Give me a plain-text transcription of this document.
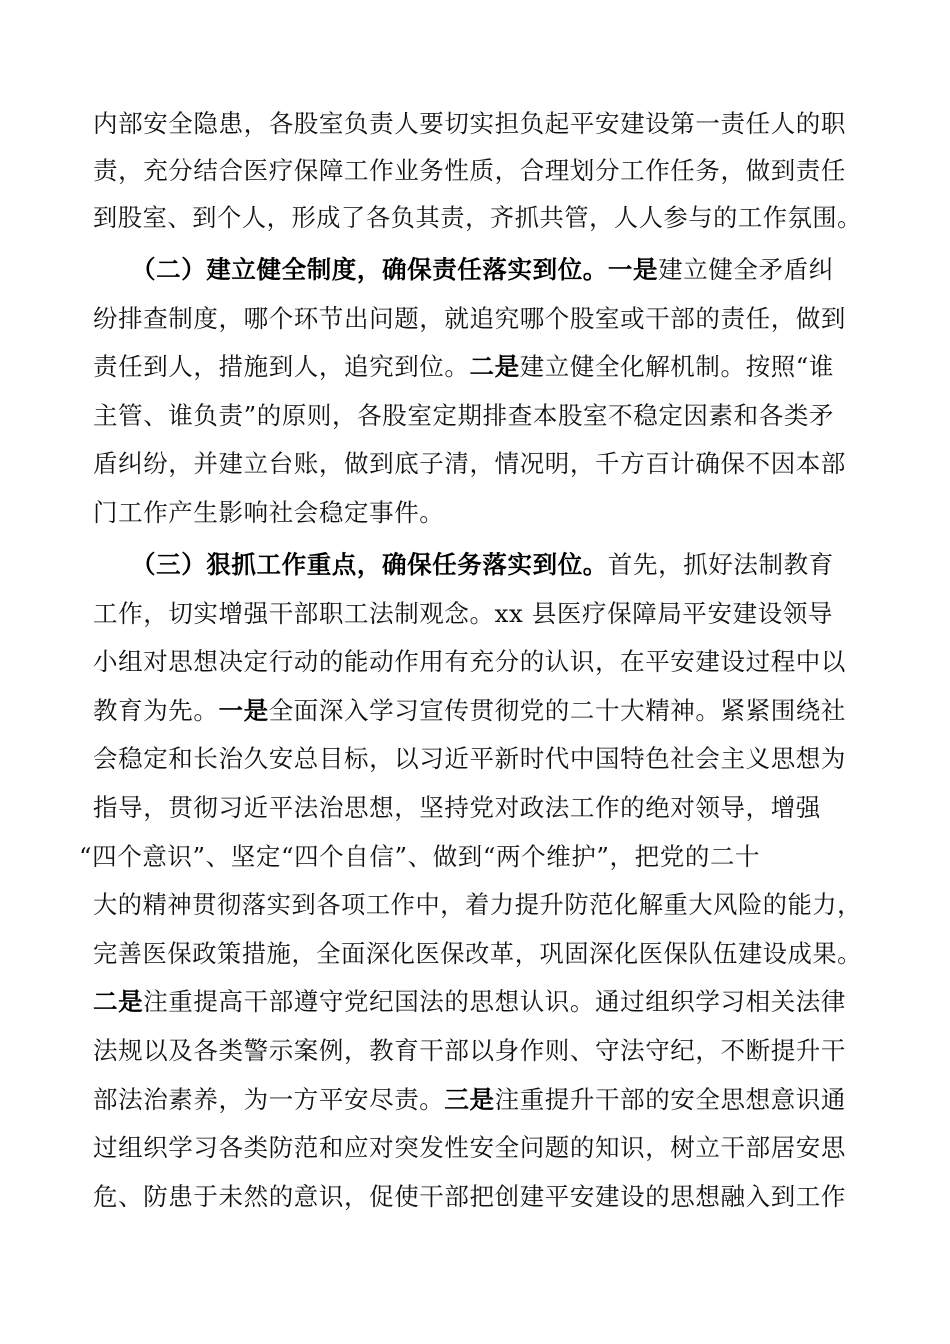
内部安全隐患，各股室负责人要切实担负起平安建设第一责任人的职
责，充分结合医疗保障工作业务性质，合理划分工作任务，做到责任
到股室、到个人，形成了各负其责，齐抓共管，人人参与的工作氛围。
（二）建立健全制度，确保责任落实到位。一是建立健全矛盾纠
纷排查制度，哪个环节出问题，就追究哪个股室或干部的责任，做到
责任到人，措施到人，追究到位。二是建立健全化解机制。按照“谁
主管、谁负责”的原则，各股室定期排查本股室不稳定因素和各类矛
盾纠纷，并建立台账，做到底子清，情况明，千方百计确保不因本部
门工作产生影响社会稳定事件。
（三）狠抓工作重点，确保任务落实到位。首先，抓好法制教育
工作，切实增强干部职工法制观念。xx 县医疗保障局平安建设领导
小组对思想决定行动的能动作用有充分的认识，在平安建设过程中以
教育为先。一是全面深入学习宣传贯彻党的二十大精神。紧紧围绕社
会稳定和长治久安总目标，以习近平新时代中国特色社会主义思想为
指导，贯彻习近平法治思想，坚持党对政法工作的绝对领导，增强
“四个意识”、坚定“四个自信”、做到“两个维护”，把党的二十
大的精神贯彻落实到各项工作中，着力提升防范化解重大风险的能力，
完善医保政策措施，全面深化医保改革，巩固深化医保队伍建设成果。
二是注重提高干部遵守党纪国法的思想认识。通过组织学习相关法律
法规以及各类警示案例，教育干部以身作则、守法守纪，不断提升干
部法治素养，为一方平安尽责。三是注重提升干部的安全思想意识通
过组织学习各类防范和应对突发性安全问题的知识，树立干部居安思
危、防患于未然的意识，促使干部把创建平安建设的思想融入到工作
